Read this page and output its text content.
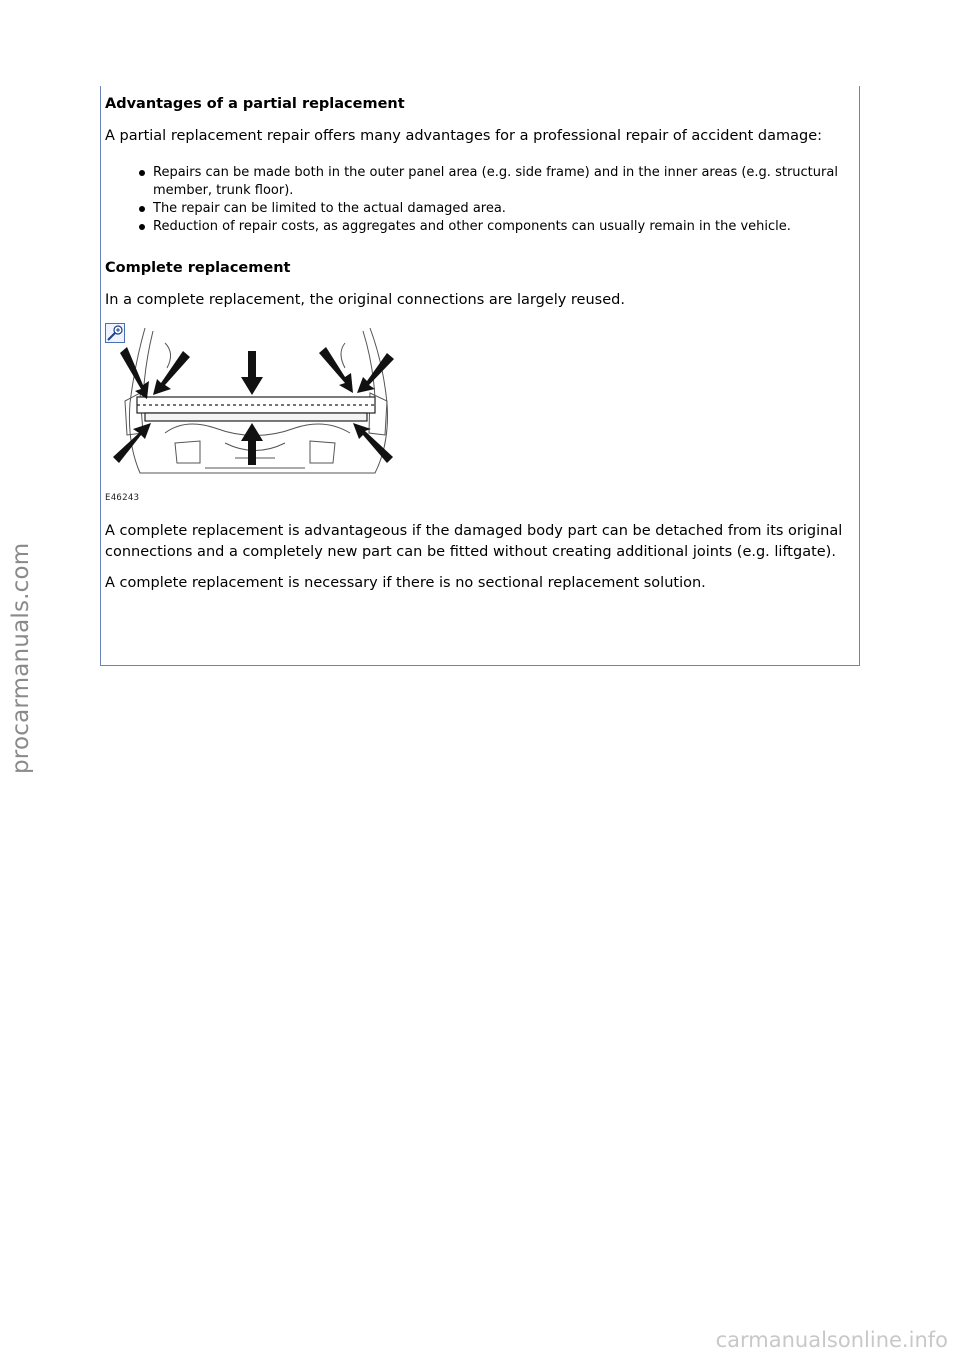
procarmanuals.com
carmanualsonline.info

Advantages of a partial replacement

A partial replacement repair offers many advantages for a professional repair of accident damage:

Repairs can be made both in the outer panel area (e.g. side frame) and in the inner areas (e.g. structural member, trunk floor).
The repair can be limited to the actual damaged area.
Reduction of repair costs, as aggregates and other components can usually remain in the vehicle.

Complete replacement

In a complete replacement, the original connections are largely reused.

E46243

A complete replacement is advantageous if the damaged body part can be detached from its original connections and a completely new part can be fitted without creating additional joints (e.g. liftgate).

A complete replacement is necessary if there is no sectional replacement solution.
